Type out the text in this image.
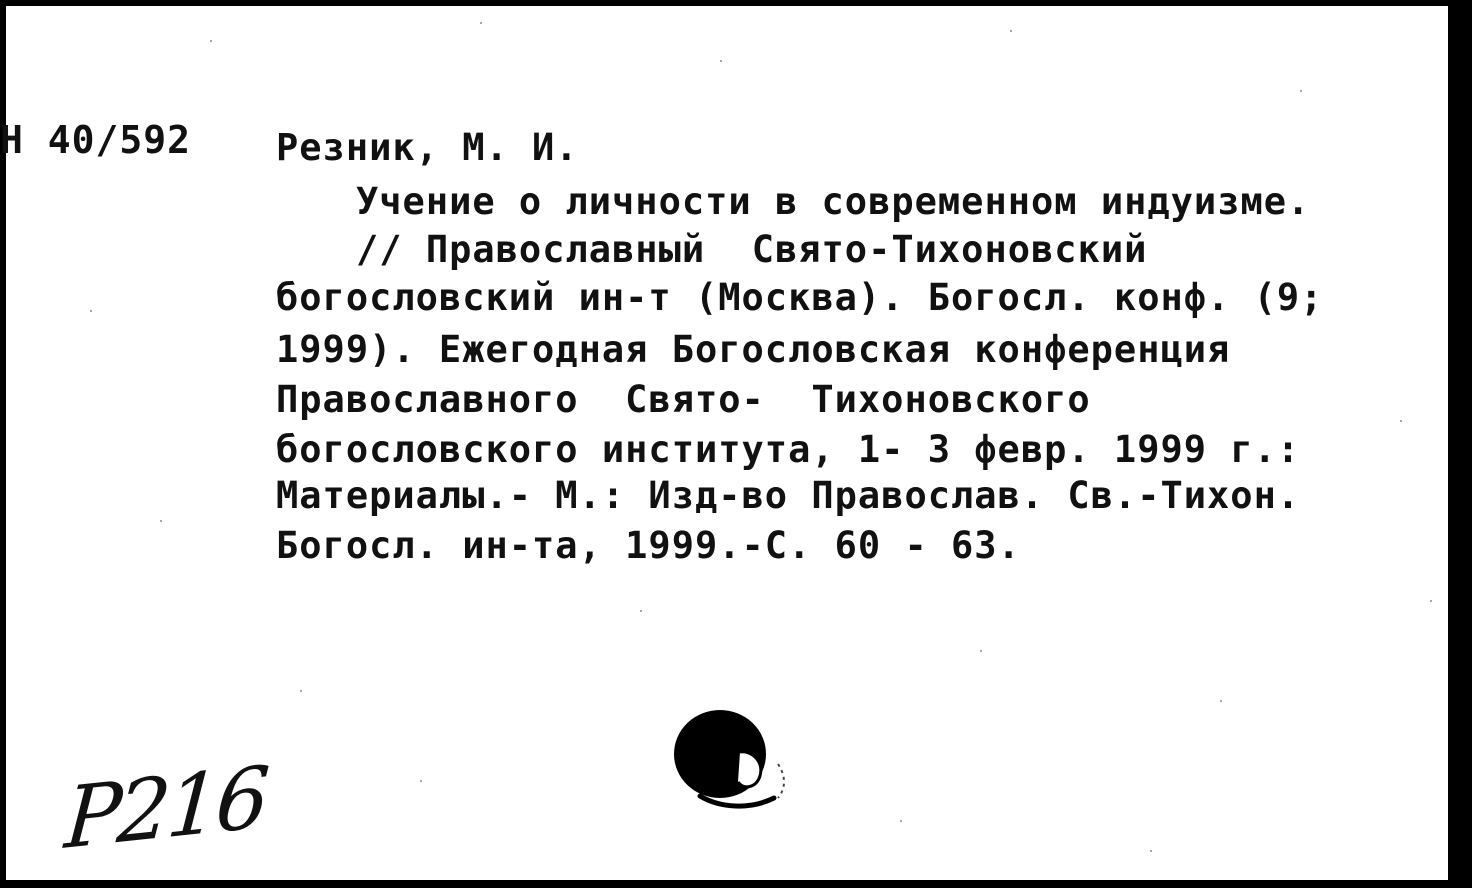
Н 40/592 Резник, М. И.
Учение о личности в современном индуизме.
// Православный  Свято-Тихоновский
богословский ин-т (Москва). Богосл. конф. (9;
1999). Ежегодная Богословская конференция
Православного  Свято-  Тихоновского
богословского института, 1- 3 февр. 1999 г.:
Материалы.- М.: Изд-во Православ. Св.-Тихон.
Богосл. ин-та, 1999.-С. 60 - 63.
Р216
